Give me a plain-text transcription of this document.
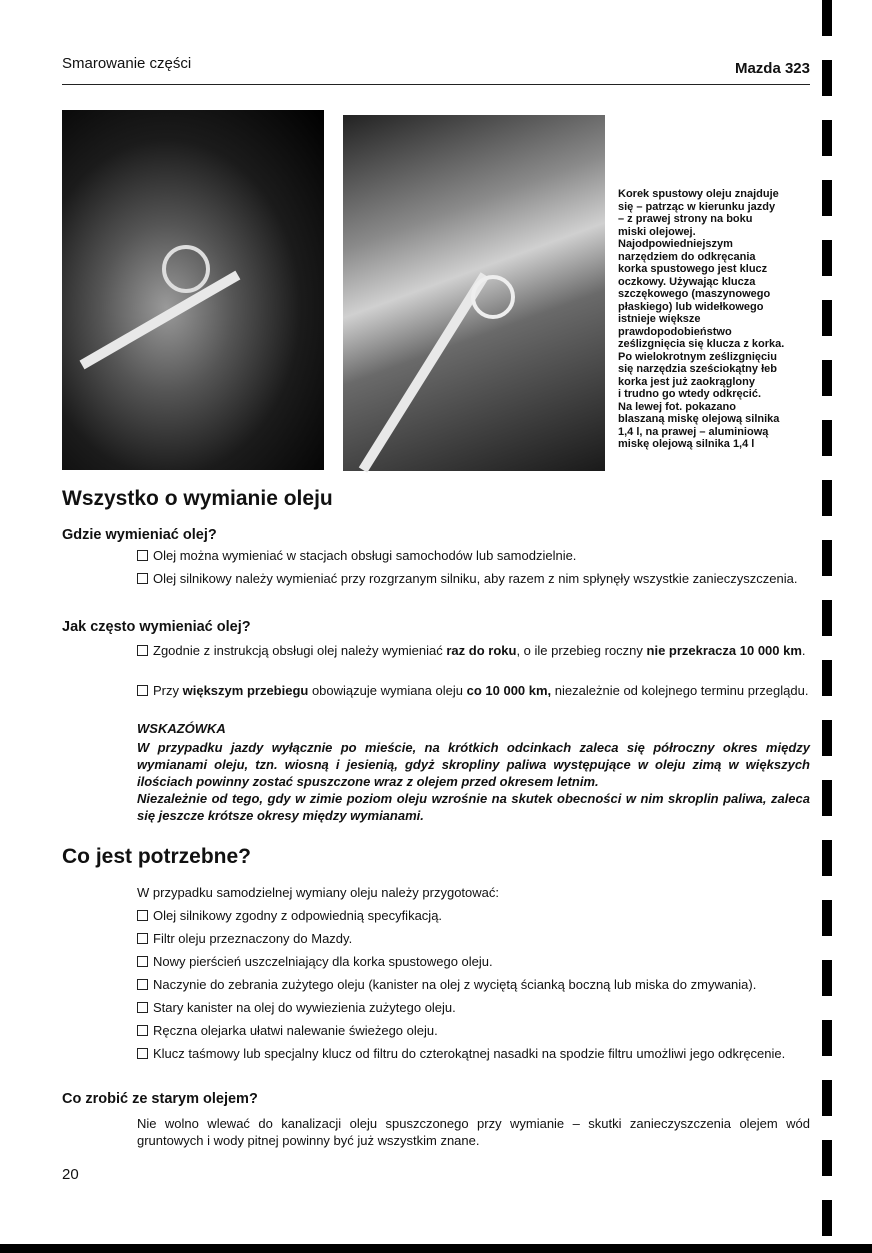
Smarowanie części	Mazda 323
Korek spustowy oleju znajduje
się – patrząc w kierunku jazdy
– z prawej strony na boku
miski olejowej.
Najodpowiedniejszym
narzędziem do odkręcania
korka spustowego jest klucz
oczkowy. Używając klucza
szczękowego (maszynowego
płaskiego) lub widełkowego
istnieje większe
prawdopodobieństwo
ześlizgnięcia się klucza z korka.
Po wielokrotnym ześlizgnięciu
się narzędzia sześciokątny łeb
korka jest już zaokrąglony
i trudno go wtedy odkręcić.
Na lewej fot. pokazano
blaszaną miskę olejową silnika
1,4 l, na prawej – aluminiową
miskę olejową silnika 1,4 l
Wszystko o wymianie oleju
Gdzie wymieniać olej?
Olej można wymieniać w stacjach obsługi samochodów lub samodzielnie.
Olej silnikowy należy wymieniać przy rozgrzanym silniku, aby razem z nim spłynęły wszystkie zanieczyszczenia.
Jak często wymieniać olej?
Zgodnie z instrukcją obsługi olej należy wymieniać raz do roku, o ile przebieg roczny nie przekracza 10 000 km.
Przy większym przebiegu obowiązuje wymiana oleju co 10 000 km, niezależnie od kolejnego terminu przeglądu.
WSKAZÓWKA
W przypadku jazdy wyłącznie po mieście, na krótkich odcinkach zaleca się półroczny okres między wymianami oleju, tzn. wiosną i jesienią, gdyż skropliny paliwa występujące w oleju zimą w większych ilościach powinny zostać spuszczone wraz z olejem przed okresem letnim.
Niezależnie od tego, gdy w zimie poziom oleju wzrośnie na skutek obecności w nim skroplin paliwa, zaleca się jeszcze krótsze okresy między wymianami.
Co jest potrzebne?
W przypadku samodzielnej wymiany oleju należy przygotować:
Olej silnikowy zgodny z odpowiednią specyfikacją.
Filtr oleju przeznaczony do Mazdy.
Nowy pierścień uszczelniający dla korka spustowego oleju.
Naczynie do zebrania zużytego oleju (kanister na olej z wyciętą ścianką boczną lub miska do zmywania).
Stary kanister na olej do wywiezienia zużytego oleju.
Ręczna olejarka ułatwi nalewanie świeżego oleju.
Klucz taśmowy lub specjalny klucz od filtru do czterokątnej nasadki na spodzie filtru umożliwi jego odkręcenie.
Co zrobić ze starym olejem?
Nie wolno wlewać do kanalizacji oleju spuszczonego przy wymianie – skutki zanieczyszczenia olejem wód gruntowych i wody pitnej powinny być już wszystkim znane.
20
